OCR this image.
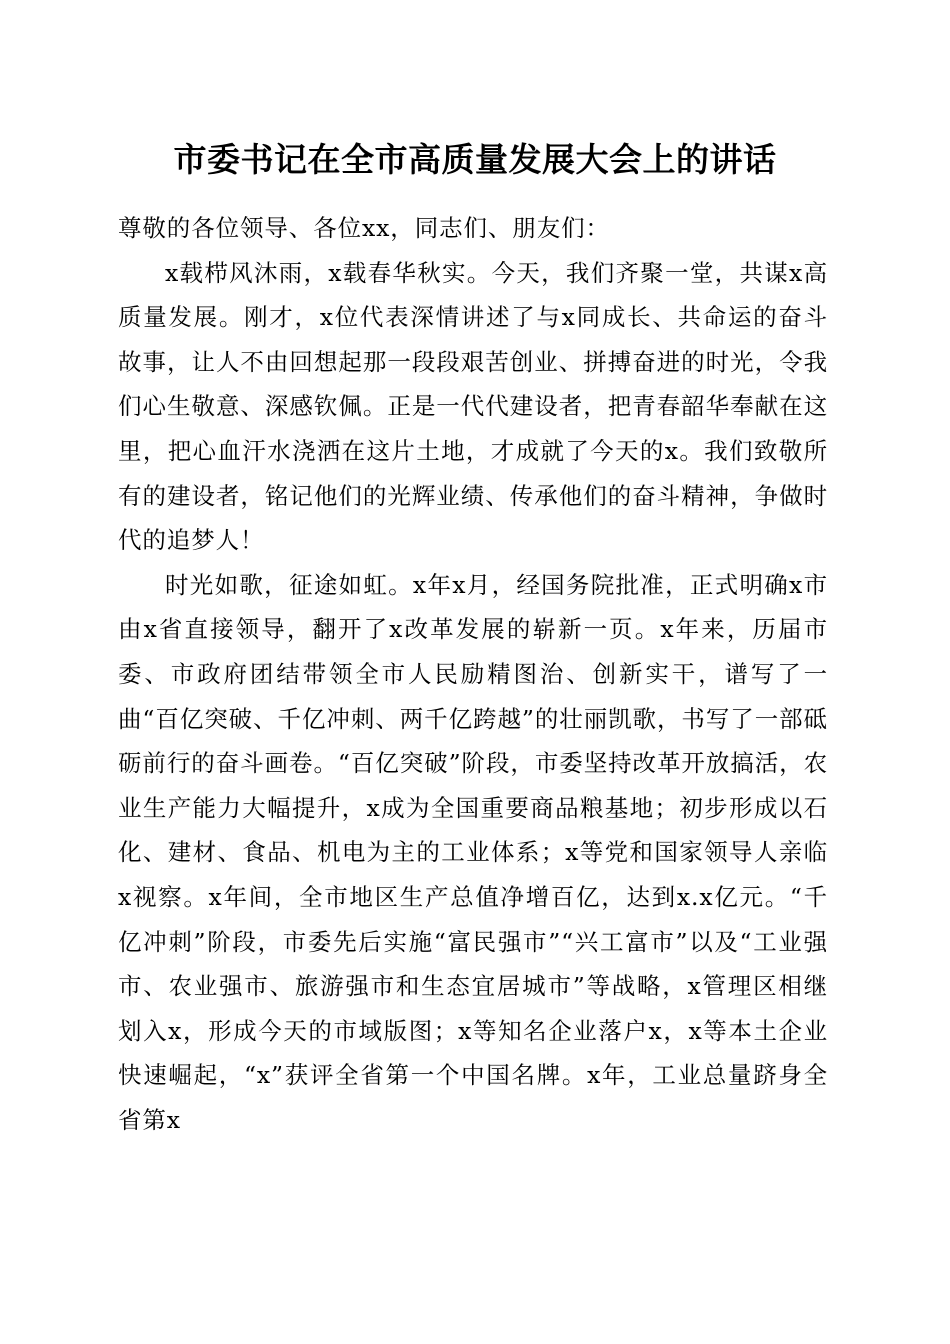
市委书记在全市高质量发展大会上的讲话

尊敬的各位领导、各位xx，同志们、朋友们：

x载栉风沐雨，x载春华秋实。今天，我们齐聚一堂，共谋x高质量发展。刚才，x位代表深情讲述了与x同成长、共命运的奋斗故事，让人不由回想起那一段段艰苦创业、拼搏奋进的时光，令我们心生敬意、深感钦佩。正是一代代建设者，把青春韶华奉献在这里，把心血汗水浇洒在这片土地，才成就了今天的x。我们致敬所有的建设者，铭记他们的光辉业绩、传承他们的奋斗精神，争做时代的追梦人！

时光如歌，征途如虹。x年x月，经国务院批准，正式明确x市由x省直接领导，翻开了x改革发展的崭新一页。x年来，历届市委、市政府团结带领全市人民励精图治、创新实干，谱写了一曲“百亿突破、千亿冲刺、两千亿跨越”的壮丽凯歌，书写了一部砥砺前行的奋斗画卷。“百亿突破”阶段，市委坚持改革开放搞活，农业生产能力大幅提升，x成为全国重要商品粮基地；初步形成以石化、建材、食品、机电为主的工业体系；x等党和国家领导人亲临x视察。x年间，全市地区生产总值净增百亿，达到x.x亿元。“千亿冲刺”阶段，市委先后实施“富民强市”“兴工富市”以及“工业强市、农业强市、旅游强市和生态宜居城市”等战略，x管理区相继划入x，形成今天的市域版图；x等知名企业落户x，x等本土企业快速崛起，“x”获评全省第一个中国名牌。x年，工业总量跻身全省第x
